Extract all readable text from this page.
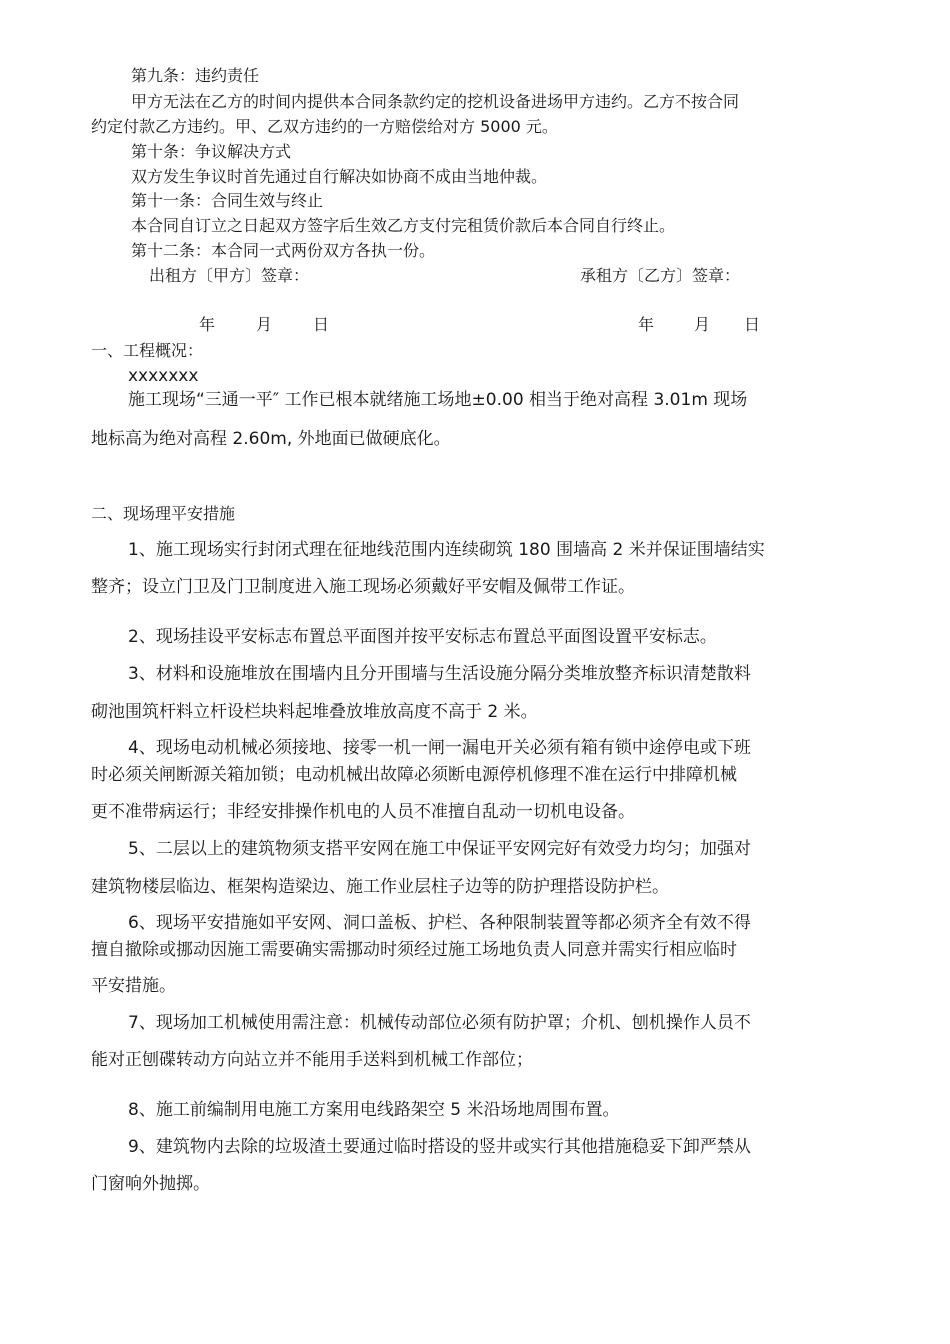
第九条：违约责任
甲方无法在乙方的时间内提供本合同条款约定的挖机设备进场甲方违约。乙方不按合同
约定付款乙方违约。甲、乙双方违约的一方赔偿给对方 5000 元。
第十条：争议解决方式
双方发生争议时首先通过自行解决如协商不成由当地仲裁。
第十一条：合同生效与终止
本合同自订立之日起双方签字后生效乙方支付完租赁价款后本合同自行终止。
第十二条：本合同一式两份双方各执一份。
出租方〔甲方〕签章：	承租方〔乙方〕签章：
年	月	日	年 月 日
一、工程概况：
xxxxxxx
施工现场“三通一平″ 工作已根本就绪施工场地±0.00 相当于绝对高程 3.01m 现场
地标高为绝对高程 2.60m, 外地面已做硬底化。
二、现场理平安措施
1、施工现场实行封闭式理在征地线范围内连续砌筑 180 围墙高 2 米并保证围墙结实
整齐；设立门卫及门卫制度进入施工现场必须戴好平安帽及佩带工作证。
2、现场挂设平安标志布置总平面图并按平安标志布置总平面图设置平安标志。
3、材料和设施堆放在围墙内且分开围墙与生活设施分隔分类堆放整齐标识清楚散料
砌池围筑杆料立杆设栏块料起堆叠放堆放高度不高于 2 米。
4、现场电动机械必须接地、接零一机一闸一漏电开关必须有箱有锁中途停电或下班
时必须关闸断源关箱加锁；电动机械出故障必须断电源停机修理不准在运行中排障机械
更不准带病运行；非经安排操作机电的人员不准擅自乱动一切机电设备。
5、二层以上的建筑物须支搭平安网在施工中保证平安网完好有效受力均匀；加强对
建筑物楼层临边、框架构造梁边、施工作业层柱子边等的防护理搭设防护栏。
6、现场平安措施如平安网、洞口盖板、护栏、各种限制装置等都必须齐全有效不得
擅自撤除或挪动因施工需要确实需挪动时须经过施工场地负责人同意并需实行相应临时
平安措施。
7、现场加工机械使用需注意：机械传动部位必须有防护罩；介机、刨机操作人员不
能对正刨碟转动方向站立并不能用手送料到机械工作部位；
8、施工前编制用电施工方案用电线路架空 5 米沿场地周围布置。
9、建筑物内去除的垃圾渣土要通过临时搭设的竖井或实行其他措施稳妥下卸严禁从
门窗响外抛掷。
